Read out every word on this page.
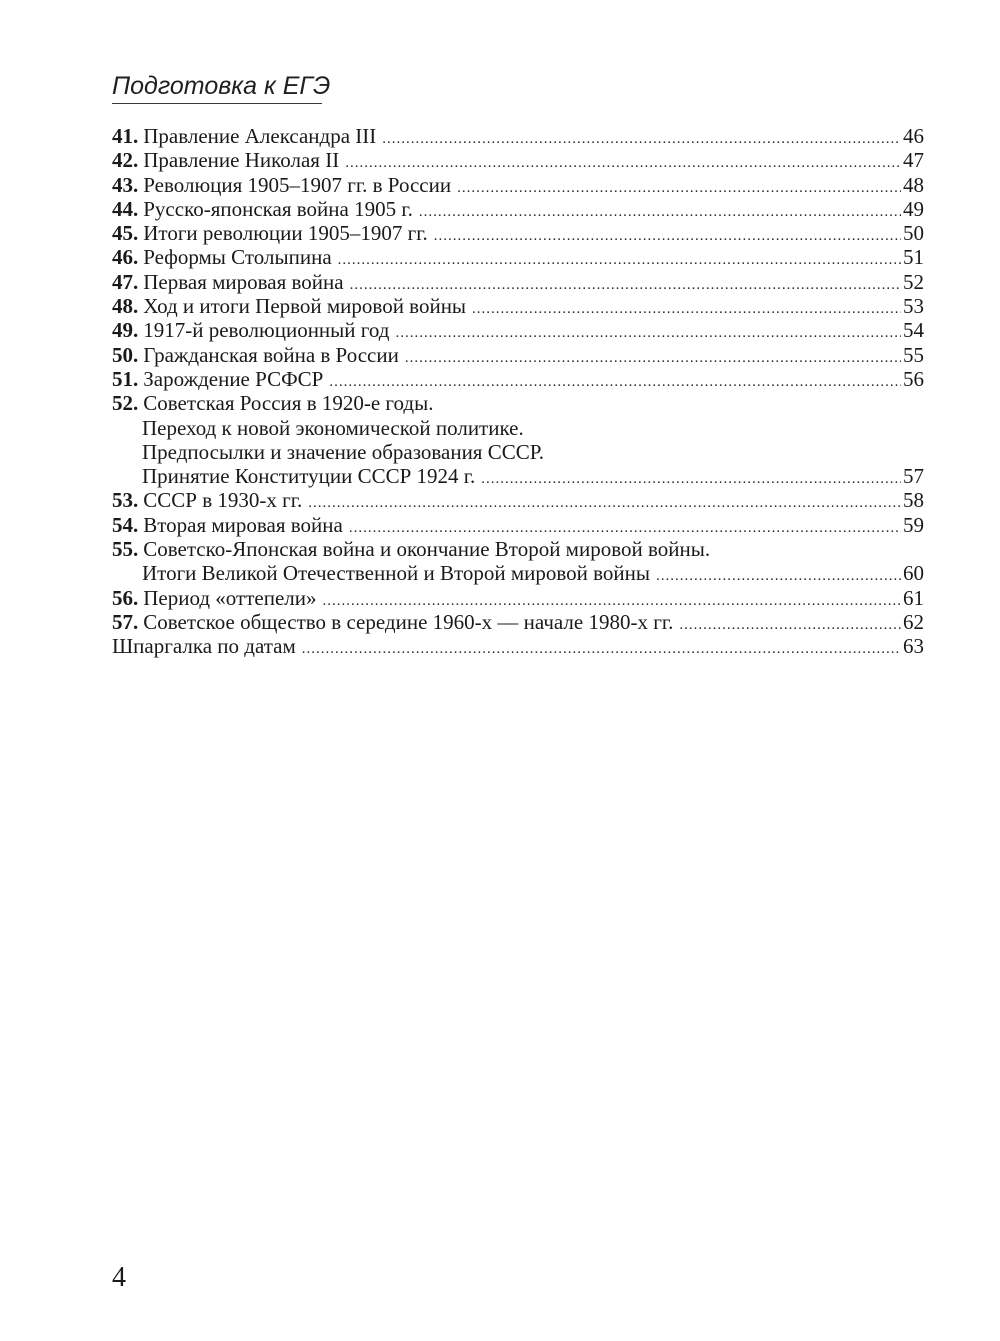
Подготовка к ЕГЭ
41. Правление Александра III .....	46
42. Правление Николая II .....	47
43. Революция 1905–1907 гг. в России .....	48
44. Русско-японская война 1905 г. .....	49
45. Итоги революции 1905–1907 гг. .....	50
46. Реформы Столыпина .....	51
47. Первая мировая война .....	52
48. Ход и итоги Первой мировой войны .....	53
49. 1917-й революционный год .....	54
50. Гражданская война в России .....	55
51. Зарождение РСФСР .....	56
52. Советская Россия в 1920-е годы.
Переход к новой экономической политике.
Предпосылки и значение образования СССР.
Принятие Конституции СССР 1924 г. .....	57
53. СССР в 1930-х гг. .....	58
54. Вторая мировая война .....	59
55. Советско-Японская война и окончание Второй мировой войны.
Итоги Великой Отечественной и Второй мировой войны .....	60
56. Период «оттепели» .....	61
57. Советское общество в середине 1960-х — начале 1980-х гг. .....	62
Шпаргалка по датам .....	63
4
